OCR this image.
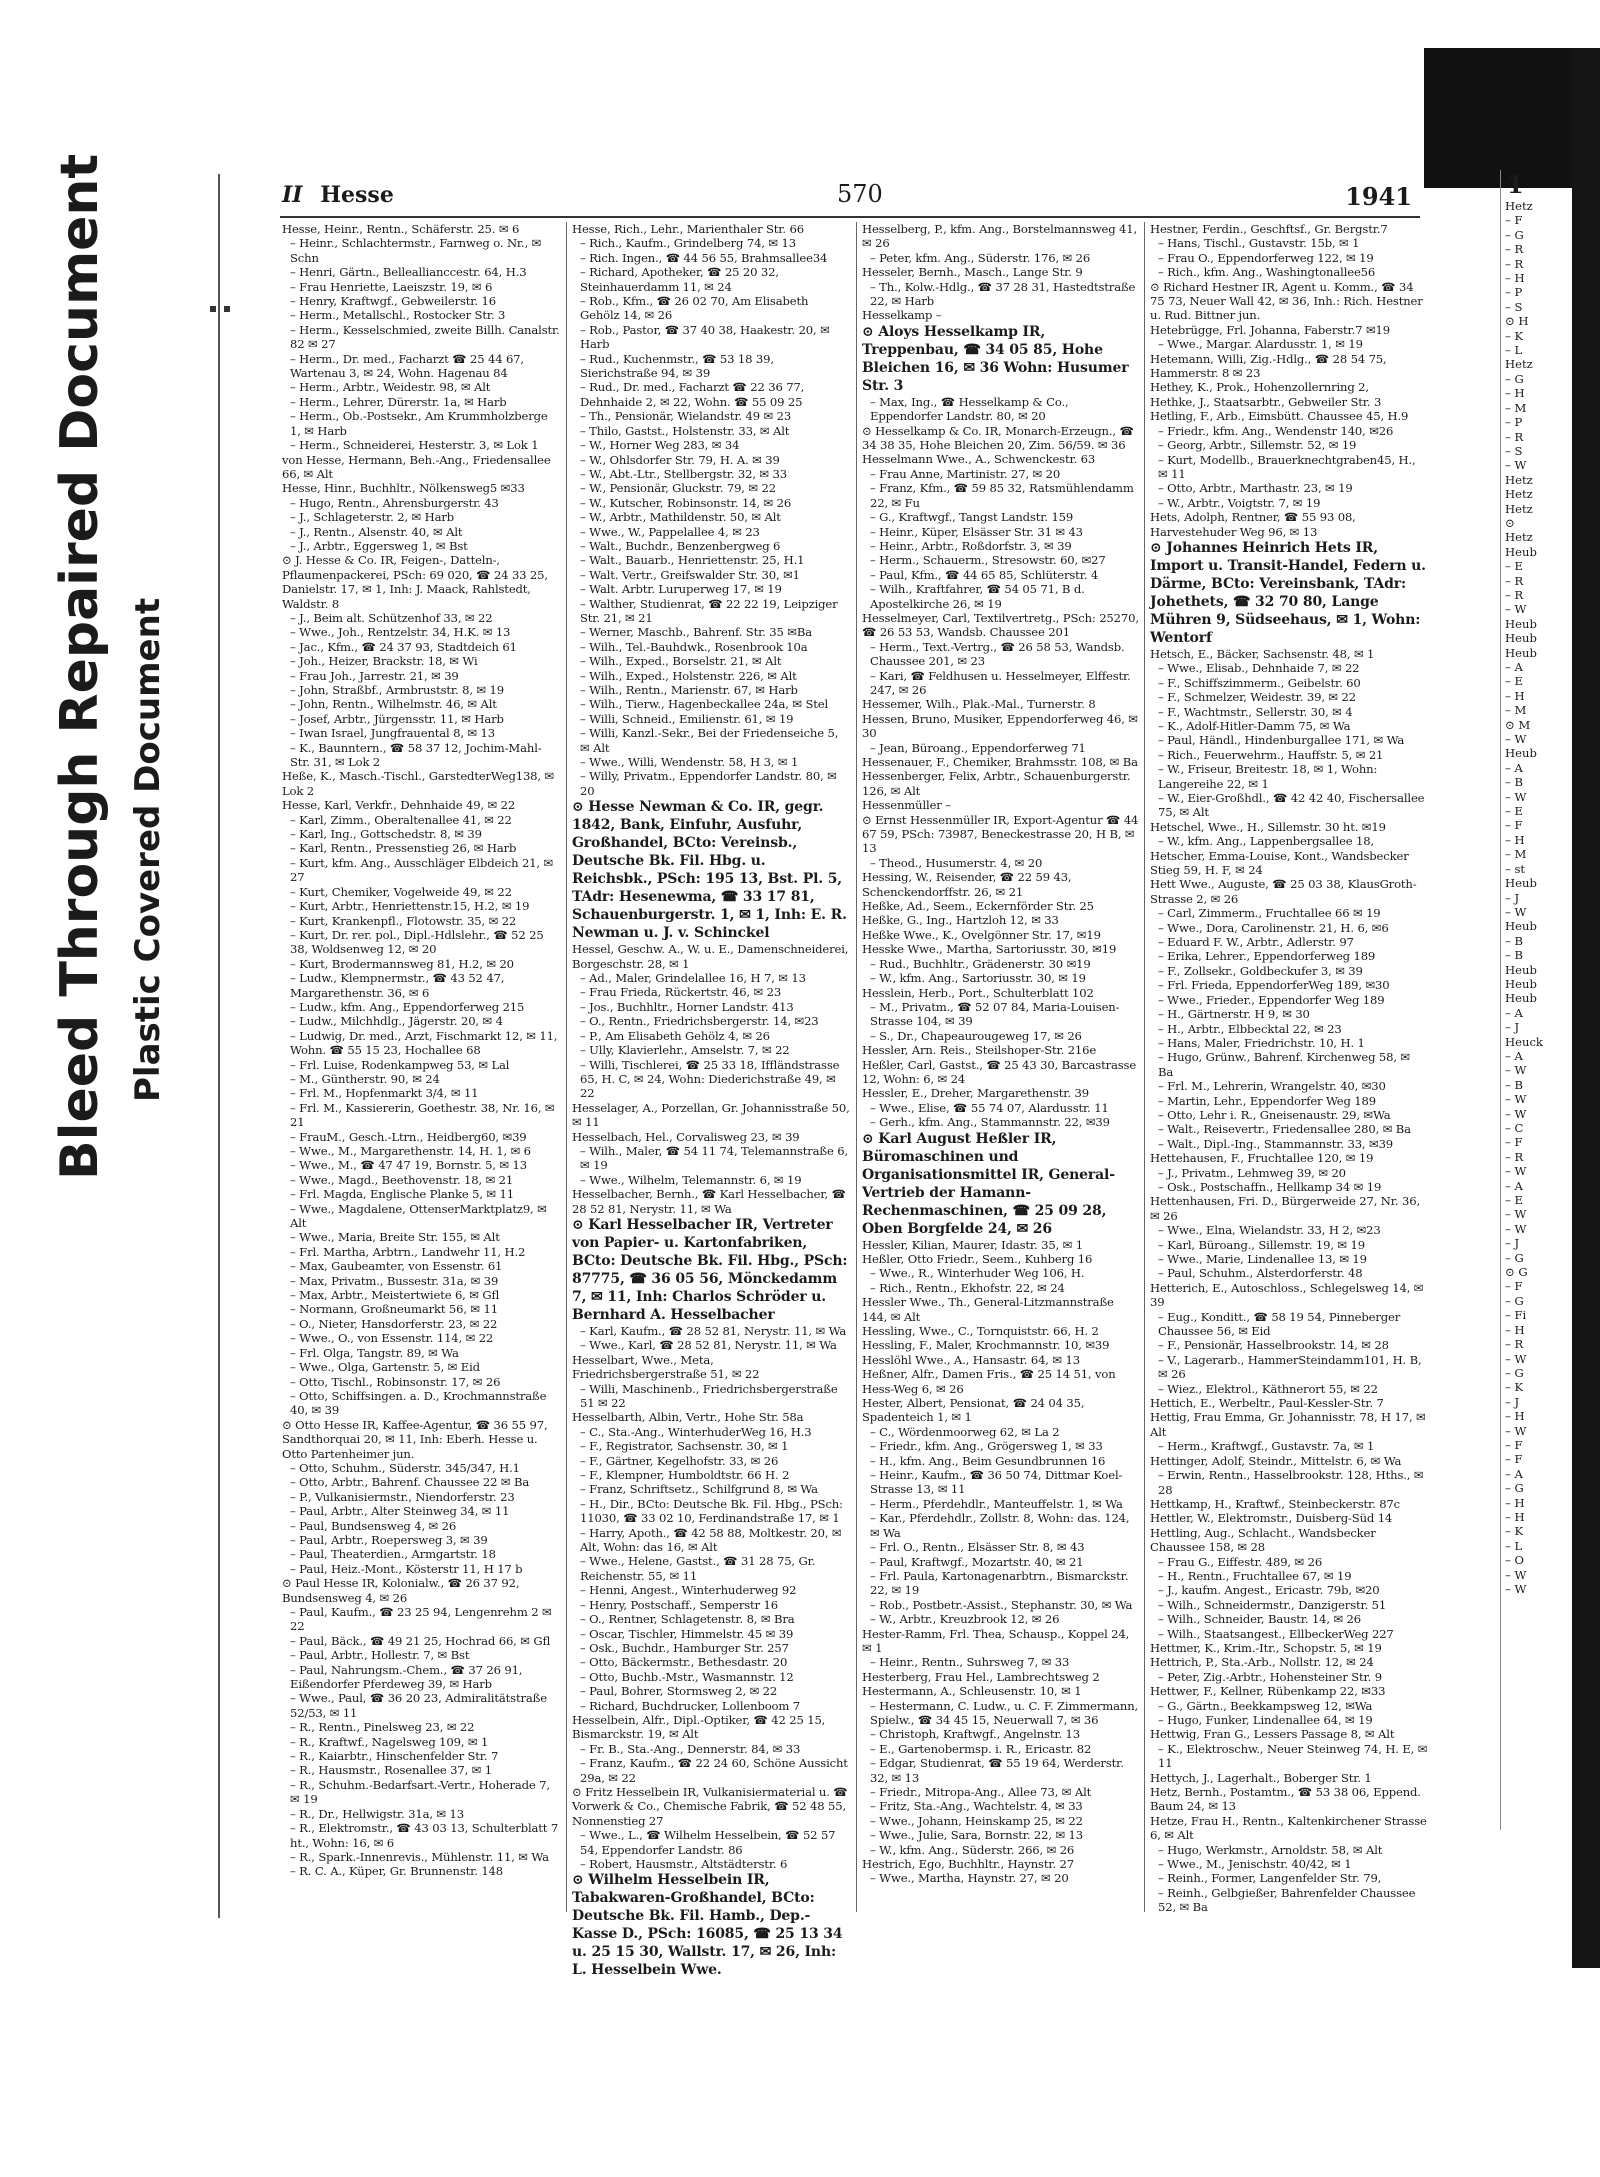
Bleed Through Repaired Document Plastic Covered Document
II Hesse	570	1941
Hesse, Heinr., Rentn., Schäferstr. 25. ✉ 6
– Heinr., Schlachtermstr., Farnweg o. Nr., ✉ Schn
– Henri, Gärtn., Belleallianccestr. 64, H.3
– Frau Henriette, Laeiszstr. 19, ✉ 6
– Henry, Kraftwgf., Gebweilerstr. 16
– Herm., Metallschl., Rostocker Str. 3
– Herm., Kesselschmied, zweite Billh. Canalstr. 82 ✉ 27
– Herm., Dr. med., Facharzt ☎ 25 44 67, Wartenau 3, ✉ 24, Wohn. Hagenau 84
– Herm., Arbtr., Weidestr. 98, ✉ Alt
– Herm., Lehrer, Dürerstr. 1a, ✉ Harb
– Herm., Ob.-Postsekr., Am Krummholzberge 1, ✉ Harb
– Herm., Schneiderei, Hesterstr. 3, ✉ Lok 1
von Hesse, Hermann, Beh.-Ang., Friedensallee 66, ✉ Alt
Hesse, Hinr., Buchhltr., Nölkensweg5 ✉33
– Hugo, Rentn., Ahrensburgerstr. 43
– J., Schlageterstr. 2, ✉ Harb
– J., Rentn., Alsenstr. 40, ✉ Alt
– J., Arbtr., Eggersweg 1, ✉ Bst
⊙ J. Hesse & Co. IR, Feigen-, Datteln-, Pflaumenpackerei, PSch: 69 020, ☎ 24 33 25, Danielstr. 17, ✉ 1, Inh: J. Maack, Rahlstedt, Waldstr. 8
– J., Beim alt. Schützenhof 33, ✉ 22
– Wwe., Joh., Rentzelstr. 34, H.K. ✉ 13
– Jac., Kfm., ☎ 24 37 93, Stadtdeich 61
– Joh., Heizer, Brackstr. 18, ✉ Wi
– Frau Joh., Jarrestr. 21, ✉ 39
– John, Straßbf., Armbruststr. 8, ✉ 19
– John, Rentn., Wilhelmstr. 46, ✉ Alt
– Josef, Arbtr., Jürgensstr. 11, ✉ Harb
– Iwan Israel, Jungfrauental 8, ✉ 13
– K., Baunntern., ☎ 58 37 12, Jochim-Mahl-Str. 31, ✉ Lok 2
Heße, K., Masch.-Tischl., GarstedterWeg138, ✉ Lok 2
Hesse, Karl, Verkfr., Dehnhaide 49, ✉ 22
– Karl, Zimm., Oberaltenallee 41, ✉ 22
– Karl, Ing., Gottschedstr. 8, ✉ 39
– Karl, Rentn., Pressenstieg 26, ✉ Harb
– Kurt, kfm. Ang., Ausschläger Elbdeich 21, ✉ 27
– Kurt, Chemiker, Vogelweide 49, ✉ 22
– Kurt, Arbtr., Henriettenstr.15, H.2, ✉ 19
– Kurt, Krankenpfl., Flotowstr. 35, ✉ 22
– Kurt, Dr. rer. pol., Dipl.-Hdlslehr., ☎ 52 25 38, Woldsenweg 12, ✉ 20
– Kurt, Brodermannsweg 81, H.2, ✉ 20
– Ludw., Klempnermstr., ☎ 43 52 47, Margarethenstr. 36, ✉ 6
– Ludw., kfm. Ang., Eppendorferweg 215
– Ludw., Milchhdlg., Jägerstr. 20, ✉ 4
– Ludwig, Dr. med., Arzt, Fischmarkt 12, ✉ 11, Wohn. ☎ 55 15 23, Hochallee 68
– Frl. Luise, Rodenkampweg 53, ✉ Lal
– M., Güntherstr. 90, ✉ 24
– Frl. M., Hopfenmarkt 3/4, ✉ 11
– Frl. M., Kassiererin, Goethestr. 38, Nr. 16, ✉ 21
– FrauM., Gesch.-Ltrn., Heidberg60, ✉39
– Wwe., M., Margarethenstr. 14, H. 1, ✉ 6
– Wwe., M., ☎ 47 47 19, Bornstr. 5, ✉ 13
– Wwe., Magd., Beethovenstr. 18, ✉ 21
– Frl. Magda, Englische Planke 5, ✉ 11
– Wwe., Magdalene, OttenserMarktplatz9, ✉ Alt
– Wwe., Maria, Breite Str. 155, ✉ Alt
– Frl. Martha, Arbtrn., Landwehr 11, H.2
– Max, Gaubeamter, von Essenstr. 61
– Max, Privatm., Bussestr. 31a, ✉ 39
– Max, Arbtr., Meistertwiete 6, ✉ Gfl
– Normann, Großneumarkt 56, ✉ 11
– O., Nieter, Hansdorferstr. 23, ✉ 22
– Wwe., O., von Essenstr. 114, ✉ 22
– Frl. Olga, Tangstr. 89, ✉ Wa
– Wwe., Olga, Gartenstr. 5, ✉ Eid
– Otto, Tischl., Robinsonstr. 17, ✉ 26
– Otto, Schiffsingen. a. D., Krochmannstraße 40, ✉ 39
⊙ Otto Hesse IR, Kaffee-Agentur, ☎ 36 55 97, Sandthorquai 20, ✉ 11, Inh: Eberh. Hesse u. Otto Partenheimer jun.
– Otto, Schuhm., Süderstr. 345/347, H.1
– Otto, Arbtr., Bahrenf. Chaussee 22 ✉ Ba
– P., Vulkanisiermstr., Niendorferstr. 23
– Paul, Arbtr., Alter Steinweg 34, ✉ 11
– Paul, Bundsensweg 4, ✉ 26
– Paul, Arbtr., Roepersweg 3, ✉ 39
– Paul, Theaterdien., Armgartstr. 18
– Paul, Heiz.-Mont., Kösterstr 11, H 17 b
⊙ Paul Hesse IR, Kolonialw., ☎ 26 37 92, Bundsensweg 4, ✉ 26
– Paul, Kaufm., ☎ 23 25 94, Lengenrehm 2 ✉ 22
– Paul, Bäck., ☎ 49 21 25, Hochrad 66, ✉ Gfl
– Paul, Arbtr., Hollestr. 7, ✉ Bst
– Paul, Nahrungsm.-Chem., ☎ 37 26 91, Eißendorfer Pferdeweg 39, ✉ Harb
– Wwe., Paul, ☎ 36 20 23, Admiralitätstraße 52/53, ✉ 11
– R., Rentn., Pinelsweg 23, ✉ 22
– R., Kraftwf., Nagelsweg 109, ✉ 1
– R., Kaiarbtr., Hinschenfelder Str. 7
– R., Hausmstr., Rosenallee 37, ✉ 1
– R., Schuhm.-Bedarfsart.-Vertr., Hoherade 7, ✉ 19
– R., Dr., Hellwigstr. 31a, ✉ 13
– R., Elektromstr., ☎ 43 03 13, Schulterblatt 7 ht., Wohn: 16, ✉ 6
– R., Spark.-Innenrevis., Mühlenstr. 11, ✉ Wa
– R. C. A., Küper, Gr. Brunnenstr. 148
Hesse, Rich., Lehr., Marienthaler Str. 66
– Rich., Kaufm., Grindelberg 74, ✉ 13
– Rich. Ingen., ☎ 44 56 55, Brahmsallee34
– Richard, Apotheker, ☎ 25 20 32, Steinhauerdamm 11, ✉ 24
– Rob., Kfm., ☎ 26 02 70, Am Elisabeth Gehölz 14, ✉ 26
– Rob., Pastor, ☎ 37 40 38, Haakestr. 20, ✉ Harb
– Rud., Kuchenmstr., ☎ 53 18 39, Sierichstraße 94, ✉ 39
– Rud., Dr. med., Facharzt ☎ 22 36 77, Dehnhaide 2, ✉ 22, Wohn. ☎ 55 09 25
– Th., Pensionär, Wielandstr. 49 ✉ 23
– Thilo, Gastst., Holstenstr. 33, ✉ Alt
– W., Horner Weg 283, ✉ 34
– W., Ohlsdorfer Str. 79, H. A. ✉ 39
– W., Abt.-Ltr., Stellbergstr. 32, ✉ 33
– W., Pensionär, Gluckstr. 79, ✉ 22
– W., Kutscher, Robinsonstr. 14, ✉ 26
– W., Arbtr., Mathildenstr. 50, ✉ Alt
– Wwe., W., Pappelallee 4, ✉ 23
– Walt., Buchdr., Benzenbergweg 6
– Walt., Bauarb., Henriettenstr. 25, H.1
– Walt. Vertr., Greifswalder Str. 30, ✉1
– Walt. Arbtr. Luruperweg 17, ✉ 19
– Walther, Studienrat, ☎ 22 22 19, Leipziger Str. 21, ✉ 21
– Werner, Maschb., Bahrenf. Str. 35 ✉Ba
– Wilh., Tel.-Bauhdwk., Rosenbrook 10a
– Wilh., Exped., Borselstr. 21, ✉ Alt
– Wilh., Exped., Holstenstr. 226, ✉ Alt
– Wilh., Rentn., Marienstr. 67, ✉ Harb
– Wilh., Tierw., Hagenbeckallee 24a, ✉ Stel
– Willi, Schneid., Emilienstr. 61, ✉ 19
– Willi, Kanzl.-Sekr., Bei der Friedenseiche 5, ✉ Alt
– Wwe., Willi, Wendenstr. 58, H 3, ✉ 1
– Willy, Privatm., Eppendorfer Landstr. 80, ✉ 20
⊙ Hesse Newman & Co. IR, gegr. 1842, Bank, Einfuhr, Ausfuhr, Großhandel, BCto: Vereinsb., Deutsche Bk. Fil. Hbg. u. Reichsbk., PSch: 195 13, Bst. Pl. 5, TAdr: Hesenewma, ☎ 33 17 81, Schauenburgerstr. 1, ✉ 1, Inh: E. R. Newman u. J. v. Schinckel
Hessel, Geschw. A., W. u. E., Damenschneiderei, Borgeschstr. 28, ✉ 1
– Ad., Maler, Grindelallee 16, H 7, ✉ 13
– Frau Frieda, Rückertstr. 46, ✉ 23
– Jos., Buchhltr., Horner Landstr. 413
– O., Rentn., Friedrichsbergerstr. 14, ✉23
– P., Am Elisabeth Gehölz 4, ✉ 26
– Ully, Klavierlehr., Amselstr. 7, ✉ 22
– Willi, Tischlerei, ☎ 25 33 18, Iffländstrasse 65, H. C, ✉ 24, Wohn: Diederichstraße 49, ✉ 22
Hesselager, A., Porzellan, Gr. Johannisstraße 50, ✉ 11
Hesselbach, Hel., Corvalisweg 23, ✉ 39
– Wilh., Maler, ☎ 54 11 74, Telemannstraße 6, ✉ 19
– Wwe., Wilhelm, Telemannstr. 6, ✉ 19
Hesselbacher, Bernh., ☎ Karl Hesselbacher, ☎ 28 52 81, Nerystr. 11, ✉ Wa
⊙ Karl Hesselbacher IR, Vertreter von Papier- u. Kartonfabriken, BCto: Deutsche Bk. Fil. Hbg., PSch: 87775, ☎ 36 05 56, Mönckedamm 7, ✉ 11, Inh: Charlos Schröder u. Bernhard A. Hesselbacher
– Karl, Kaufm., ☎ 28 52 81, Nerystr. 11, ✉ Wa
– Wwe., Karl, ☎ 28 52 81, Nerystr. 11, ✉ Wa
Hesselbart, Wwe., Meta, Friedrichsbergerstraße 51, ✉ 22
– Willi, Maschinenb., Friedrichsbergerstraße 51 ✉ 22
Hesselbarth, Albin, Vertr., Hohe Str. 58a
– C., Sta.-Ang., WinterhuderWeg 16, H.3
– F., Registrator, Sachsenstr. 30, ✉ 1
– F., Gärtner, Kegelhofstr. 33, ✉ 26
– F., Klempner, Humboldtstr. 66 H. 2
– Franz, Schriftsetz., Schilfgrund 8, ✉ Wa
– H., Dir., BCto: Deutsche Bk. Fil. Hbg., PSch: 11030, ☎ 33 02 10, Ferdinandstraße 17, ✉ 1
– Harry, Apoth., ☎ 42 58 88, Moltkestr. 20, ✉ Alt, Wohn: das 16, ✉ Alt
– Wwe., Helene, Gastst., ☎ 31 28 75, Gr. Reichenstr. 55, ✉ 11
– Henni, Angest., Winterhuderweg 92
– Henry, Postschaff., Semperstr 16
– O., Rentner, Schlagetenstr. 8, ✉ Bra
– Oscar, Tischler, Himmelstr. 45 ✉ 39
– Osk., Buchdr., Hamburger Str. 257
– Otto, Bäckermstr., Bethesdastr. 20
– Otto, Buchb.-Mstr., Wasmannstr. 12
– Paul, Bohrer, Stormsweg 2, ✉ 22
– Richard, Buchdrucker, Lollenboom 7
Hesselbein, Alfr., Dipl.-Optiker, ☎ 42 25 15, Bismarckstr. 19, ✉ Alt
– Fr. B., Sta.-Ang., Dennerstr. 84, ✉ 33
– Franz, Kaufm., ☎ 22 24 60, Schöne Aussicht 29a, ✉ 22
⊙ Fritz Hesselbein IR, Vulkanisiermaterial u. ☎ Vorwerk & Co., Chemische Fabrik, ☎ 52 48 55, Nonnenstieg 27
– Wwe., L., ☎ Wilhelm Hesselbein, ☎ 52 57 54, Eppendorfer Landstr. 86
– Robert, Hausmstr., Altstädterstr. 6
⊙ Wilhelm Hesselbein IR, Tabakwaren-Großhandel, BCto: Deutsche Bk. Fil. Hamb., Dep.-Kasse D., PSch: 16085, ☎ 25 13 34 u. 25 15 30, Wallstr. 17, ✉ 26, Inh: L. Hesselbein Wwe.
Hesselberg, P., kfm. Ang., Borstelmannsweg 41, ✉ 26
– Peter, kfm. Ang., Süderstr. 176, ✉ 26
Hesseler, Bernh., Masch., Lange Str. 9
– Th., Kolw.-Hdlg., ☎ 37 28 31, Hastedtstraße 22, ✉ Harb
Hesselkamp –
⊙ Aloys Hesselkamp IR, Treppenbau, ☎ 34 05 85, Hohe Bleichen 16, ✉ 36 Wohn: Husumer Str. 3
– Max, Ing., ☎ Hesselkamp & Co., Eppendorfer Landstr. 80, ✉ 20
⊙ Hesselkamp & Co. IR, Monarch-Erzeugn., ☎ 34 38 35, Hohe Bleichen 20, Zim. 56/59. ✉ 36
Hesselmann Wwe., A., Schwenckestr. 63
– Frau Anne, Martinistr. 27, ✉ 20
– Franz, Kfm., ☎ 59 85 32, Ratsmühlendamm 22, ✉ Fu
– G., Kraftwgf., Tangst Landstr. 159
– Heinr., Küper, Elsässer Str. 31 ✉ 43
– Heinr., Arbtr., Roßdorfstr. 3, ✉ 39
– Herm., Schauerm., Stresowstr. 60, ✉27
– Paul, Kfm., ☎ 44 65 85, Schlüterstr. 4
– Wilh., Kraftfahrer, ☎ 54 05 71, B d. Apostelkirche 26, ✉ 19
Hesselmeyer, Carl, Textilvertretg., PSch: 25270, ☎ 26 53 53, Wandsb. Chaussee 201
– Herm., Text.-Vertrg., ☎ 26 58 53, Wandsb. Chaussee 201, ✉ 23
– Kari, ☎ Feldhusen u. Hesselmeyer, Elffestr. 247, ✉ 26
Hessemer, Wilh., Plak.-Mal., Turnerstr. 8
Hessen, Bruno, Musiker, Eppendorferweg 46, ✉ 30
– Jean, Büroang., Eppendorferweg 71
Hessenauer, F., Chemiker, Brahmsstr. 108, ✉ Ba
Hessenberger, Felix, Arbtr., Schauenburgerstr. 126, ✉ Alt
Hessenmüller –
⊙ Ernst Hessenmüller IR, Export-Agentur ☎ 44 67 59, PSch: 73987, Beneckestrasse 20, H B, ✉ 13
– Theod., Husumerstr. 4, ✉ 20
Hessing, W., Reisender, ☎ 22 59 43, Schenckendorffstr. 26, ✉ 21
Heßke, Ad., Seem., Eckernförder Str. 25
Heßke, G., Ing., Hartzloh 12, ✉ 33
Heßke Wwe., K., Ovelgönner Str. 17, ✉19
Hesske Wwe., Martha, Sartoriusstr. 30, ✉19
– Rud., Buchhltr., Grädenerstr. 30 ✉19
– W., kfm. Ang., Sartoriusstr. 30, ✉ 19
Hesslein, Herb., Port., Schulterblatt 102
– M., Privatm., ☎ 52 07 84, Maria-Louisen-Strasse 104, ✉ 39
– S., Dr., Chapeaurougeweg 17, ✉ 26
Hessler, Arn. Reis., Steilshoper-Str. 216e
Heßler, Carl, Gastst., ☎ 25 43 30, Barcastrasse 12, Wohn: 6, ✉ 24
Hessler, E., Dreher, Margarethenstr. 39
– Wwe., Elise, ☎ 55 74 07, Alardusstr. 11
– Gerh., kfm. Ang., Stammannstr. 22, ✉39
⊙ Karl August Heßler IR, Büromaschinen und Organisationsmittel IR, General-Vertrieb der Hamann-Rechenmaschinen, ☎ 25 09 28, Oben Borgfelde 24, ✉ 26
Hessler, Kilian, Maurer, Idastr. 35, ✉ 1
Heßler, Otto Friedr., Seem., Kuhberg 16
– Wwe., R., Winterhuder Weg 106, H.
– Rich., Rentn., Ekhofstr. 22, ✉ 24
Hessler Wwe., Th., General-Litzmannstraße 144, ✉ Alt
Hessling, Wwe., C., Tornquiststr. 66, H. 2
Hessling, F., Maler, Krochmannstr. 10, ✉39
Hesslöhl Wwe., A., Hansastr. 64, ✉ 13
Heßner, Alfr., Damen Fris., ☎ 25 14 51, von Hess-Weg 6, ✉ 26
Hester, Albert, Pensionat, ☎ 24 04 35, Spadenteich 1, ✉ 1
– C., Wördenmoorweg 62, ✉ La 2
– Friedr., kfm. Ang., Grögersweg 1, ✉ 33
– H., kfm. Ang., Beim Gesundbrunnen 16
– Heinr., Kaufm., ☎ 36 50 74, Dittmar Koel-Strasse 13, ✉ 11
– Herm., Pferdehdlr., Manteuffelstr. 1, ✉ Wa
– Kar., Pferdehdlr., Zollstr. 8, Wohn: das. 124, ✉ Wa
– Frl. O., Rentn., Elsässer Str. 8, ✉ 43
– Paul, Kraftwgf., Mozartstr. 40, ✉ 21
– Frl. Paula, Kartonagenarbtrn., Bismarckstr. 22, ✉ 19
– Rob., Postbetr.-Assist., Stephanstr. 30, ✉ Wa
– W., Arbtr., Kreuzbrook 12, ✉ 26
Hester-Ramm, Frl. Thea, Schausp., Koppel 24, ✉ 1
– Heinr., Rentn., Suhrsweg 7, ✉ 33
Hesterberg, Frau Hel., Lambrechtsweg 2
Hestermann, A., Schleusenstr. 10, ✉ 1
– Hestermann, C. Ludw., u. C. F. Zimmermann, Spielw., ☎ 34 45 15, Neuerwall 7, ✉ 36
– Christoph, Kraftwgf., Angelnstr. 13
– E., Gartenobermsp. i. R., Ericastr. 82
– Edgar, Studienrat, ☎ 55 19 64, Werderstr. 32, ✉ 13
– Friedr., Mitropa-Ang., Allee 73, ✉ Alt
– Fritz, Sta.-Ang., Wachtelstr. 4, ✉ 33
– Wwe., Johann, Heinskamp 25, ✉ 22
– Wwe., Julie, Sara, Bornstr. 22, ✉ 13
– W., kfm. Ang., Süderstr. 266, ✉ 26
Hestrich, Ego, Buchhltr., Haynstr. 27
– Wwe., Martha, Haynstr. 27, ✉ 20
Hestner, Ferdin., Geschftsf., Gr. Bergstr.7
– Hans, Tischl., Gustavstr. 15b, ✉ 1
– Frau O., Eppendorferweg 122, ✉ 19
– Rich., kfm. Ang., Washingtonallee56
⊙ Richard Hestner IR, Agent u. Komm., ☎ 34 75 73, Neuer Wall 42, ✉ 36, Inh.: Rich. Hestner u. Rud. Bittner jun.
Hetebrügge, Frl. Johanna, Faberstr.7 ✉19
– Wwe., Margar. Alardusstr. 1, ✉ 19
Hetemann, Willi, Zig.-Hdlg., ☎ 28 54 75, Hammerstr. 8 ✉ 23
Hethey, K., Prok., Hohenzollernring 2,
Hethke, J., Staatsarbtr., Gebweiler Str. 3
Hetling, F., Arb., Eimsbütt. Chaussee 45, H.9
– Friedr., kfm. Ang., Wendenstr 140, ✉26
– Georg, Arbtr., Sillemstr. 52, ✉ 19
– Kurt, Modellb., Brauerknechtgraben45, H., ✉ 11
– Otto, Arbtr., Marthastr. 23, ✉ 19
– W., Arbtr., Voigtstr. 7, ✉ 19
Hets, Adolph, Rentner, ☎ 55 93 08, Harvestehuder Weg 96, ✉ 13
⊙ Johannes Heinrich Hets IR, Import u. Transit-Handel, Federn u. Därme, BCto: Vereinsbank, TAdr: Johethets, ☎ 32 70 80, Lange Mühren 9, Südseehaus, ✉ 1, Wohn: Wentorf
Hetsch, E., Bäcker, Sachsenstr. 48, ✉ 1
– Wwe., Elisab., Dehnhaide 7, ✉ 22
– F., Schiffszimmerm., Geibelstr. 60
– F., Schmelzer, Weidestr. 39, ✉ 22
– F., Wachtmstr., Sellerstr. 30, ✉ 4
– K., Adolf-Hitler-Damm 75, ✉ Wa
– Paul, Händl., Hindenburgallee 171, ✉ Wa
– Rich., Feuerwehrm., Hauffstr. 5, ✉ 21
– W., Friseur, Breitestr. 18, ✉ 1, Wohn: Langereihe 22, ✉ 1
– W., Eier-Großhdl., ☎ 42 42 40, Fischersallee 75, ✉ Alt
Hetschel, Wwe., H., Sillemstr. 30 ht. ✉19
– W., kfm. Ang., Lappenbergsallee 18,
Hetscher, Emma-Louise, Kont., Wandsbecker Stieg 59, H. F, ✉ 24
Hett Wwe., Auguste, ☎ 25 03 38, KlausGroth-Strasse 2, ✉ 26
– Carl, Zimmerm., Fruchtallee 66 ✉ 19
– Wwe., Dora, Carolinenstr. 21, H. 6, ✉6
– Eduard F. W., Arbtr., Adlerstr. 97
– Erika, Lehrer., Eppendorferweg 189
– F., Zollsekr., Goldbeckufer 3, ✉ 39
– Frl. Frieda, EppendorferWeg 189, ✉30
– Wwe., Frieder., Eppendorfer Weg 189
– H., Gärtnerstr. H 9, ✉ 30
– H., Arbtr., Elbbecktal 22, ✉ 23
– Hans, Maler, Friedrichstr. 10, H. 1
– Hugo, Grünw., Bahrenf. Kirchenweg 58, ✉ Ba
– Frl. M., Lehrerin, Wrangelstr. 40, ✉30
– Martin, Lehr., Eppendorfer Weg 189
– Otto, Lehr i. R., Gneisenaustr. 29, ✉Wa
– Walt., Reisevertr., Friedensallee 280, ✉ Ba
– Walt., Dipl.-Ing., Stammannstr. 33, ✉39
Hettehausen, F., Fruchtallee 120, ✉ 19
– J., Privatm., Lehmweg 39, ✉ 20
– Osk., Postschaffn., Hellkamp 34 ✉ 19
Hettenhausen, Fri. D., Bürgerweide 27, Nr. 36, ✉ 26
– Wwe., Elna, Wielandstr. 33, H 2, ✉23
– Karl, Büroang., Sillemstr. 19, ✉ 19
– Wwe., Marie, Lindenallee 13, ✉ 19
– Paul, Schuhm., Alsterdorferstr. 48
Hetterich, E., Autoschloss., Schlegelsweg 14, ✉ 39
– Eug., Konditt., ☎ 58 19 54, Pinneberger Chaussee 56, ✉ Eid
– F., Pensionär, Hasselbrookstr. 14, ✉ 28
– V., Lagerarb., HammerSteindamm101, H. B, ✉ 26
– Wiez., Elektrol., Käthnerort 55, ✉ 22
Hettich, E., Werbeltr., Paul-Kessler-Str. 7
Hettig, Frau Emma, Gr. Johannisstr. 78, H 17, ✉ Alt
– Herm., Kraftwgf., Gustavstr. 7a, ✉ 1
Hettinger, Adolf, Steindr., Mittelstr. 6, ✉ Wa
– Erwin, Rentn., Hasselbrookstr. 128, Hths., ✉ 28
Hettkamp, H., Kraftwf., Steinbeckerstr. 87c
Hettler, W., Elektromstr., Duisberg-Süd 14
Hettling, Aug., Schlacht., Wandsbecker Chaussee 158, ✉ 28
– Frau G., Eiffestr. 489, ✉ 26
– H., Rentn., Fruchtallee 67, ✉ 19
– J., kaufm. Angest., Ericastr. 79b, ✉20
– Wilh., Schneidermstr., Danzigerstr. 51
– Wilh., Schneider, Baustr. 14, ✉ 26
– Wilh., Staatsangest., EllbeckerWeg 227
Hettmer, K., Krim.-Itr., Schopstr. 5, ✉ 19
Hettrich, P., Sta.-Arb., Nollstr. 12, ✉ 24
– Peter, Zig.-Arbtr., Hohensteiner Str. 9
Hettwer, F., Kellner, Rübenkamp 22, ✉33
– G., Gärtn., Beekkampsweg 12, ✉Wa
– Hugo, Funker, Lindenallee 64, ✉ 19
Hettwig, Fran G., Lessers Passage 8, ✉ Alt
– K., Elektroschw., Neuer Steinweg 74, H. E, ✉ 11
Hettych, J., Lagerhalt., Boberger Str. 1
Hetz, Bernh., Postamtm., ☎ 53 38 06, Eppend. Baum 24, ✉ 13
Hetze, Frau H., Rentn., Kaltenkirchener Strasse 6, ✉ Alt
– Hugo, Werkmstr., Arnoldstr. 58, ✉ Alt
– Wwe., M., Jenischstr. 40/42, ✉ 1
– Reinh., Former, Langenfelder Str. 79,
– Reinh., Gelbgießer, Bahrenfelder Chaussee 52, ✉ Ba
1
Hetz
– F
– G
– R
– R
– H
– P
– S
⊙ H
– K
– L
Hetz
– G
– H
– M
– P
– R
– S
– W
Hetz
Hetz
Hetz
⊙
Hetz
Heub
– E
– R
– R
– W
Heub
Heub
Heub
– A
– E
– H
– M
⊙ M
– W
Heub
– A
– B
– W
– E
– F
– H
– M
– st
Heub
– J
– W
Heub
– B
– B
Heub
Heub
Heub
– A
– J
Heuck
– A
– W
– B
– W
– W
– C
– F
– R
– W
– A
– E
– W
– W
– J
– G
⊙ G
– F
– G
– Fi
– H
– R
– W
– G
– K
– J
– H
– W
– F
– F
– A
– G
– H
– H
– K
– L
– O
– W
– W
